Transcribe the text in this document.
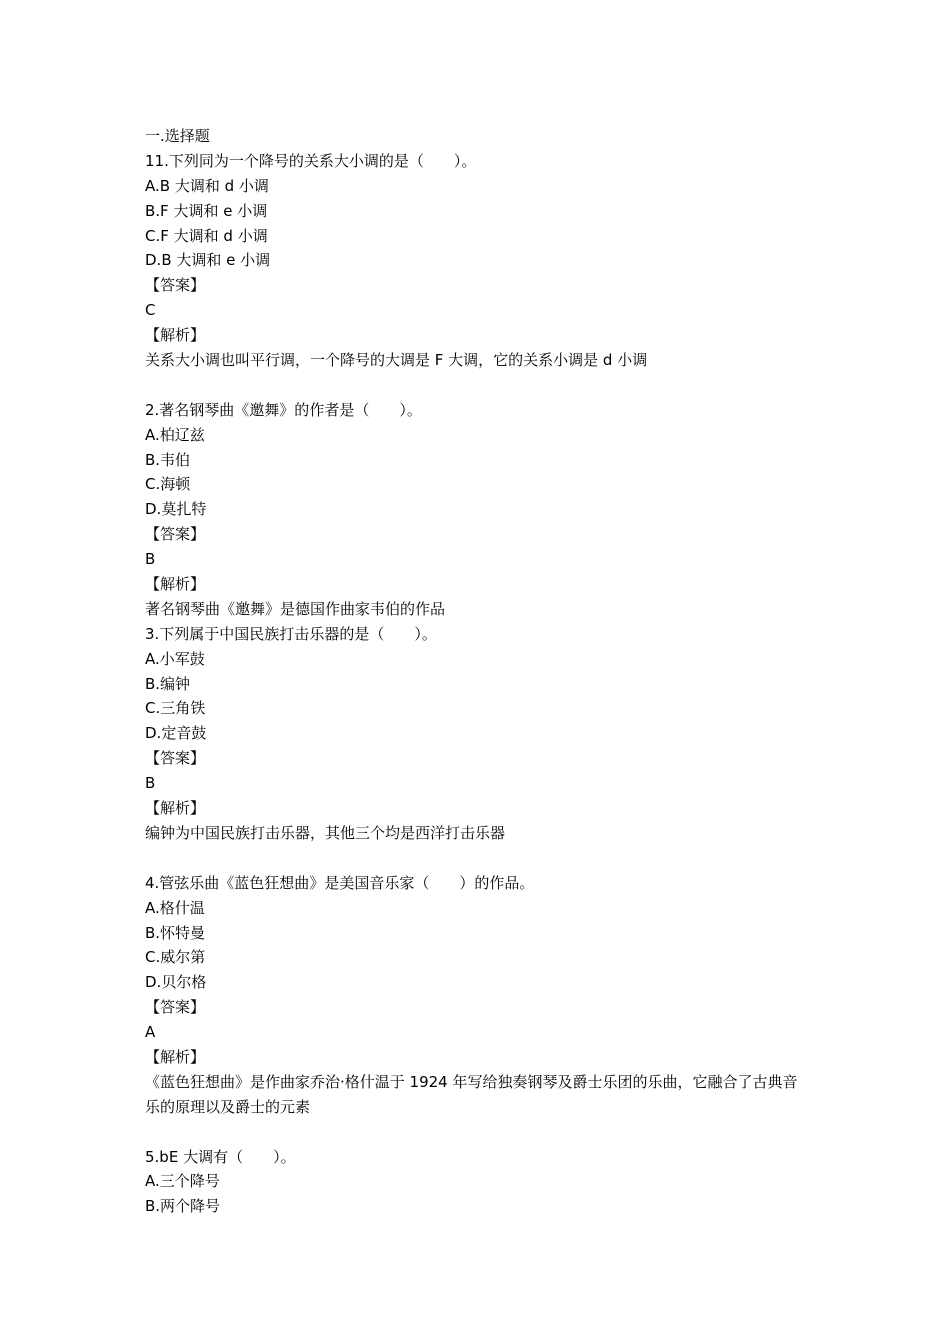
一.选择题

11.下列同为一个降号的关系大小调的是（　　）。

A.B 大调和 d 小调

B.F 大调和 e 小调

C.F 大调和 d 小调

D.B 大调和 e 小调

【答案】

C

【解析】

关系大小调也叫平行调，一个降号的大调是 F 大调，它的关系小调是 d 小调

2.著名钢琴曲《邀舞》的作者是（　　）。

A.柏辽兹

B.韦伯

C.海顿

D.莫扎特

【答案】

B

【解析】

著名钢琴曲《邀舞》是德国作曲家韦伯的作品

3.下列属于中国民族打击乐器的是（　　）。

A.小军鼓

B.编钟

C.三角铁

D.定音鼓

【答案】

B

【解析】

编钟为中国民族打击乐器，其他三个均是西洋打击乐器

4.管弦乐曲《蓝色狂想曲》是美国音乐家（　　）的作品。

A.格什温

B.怀特曼

C.威尔第

D.贝尔格

【答案】

A

【解析】

《蓝色狂想曲》是作曲家乔治·格什温于 1924 年写给独奏钢琴及爵士乐团的乐曲，它融合了古典音乐的原理以及爵士的元素

5.bE 大调有（　　）。

A.三个降号

B.两个降号
